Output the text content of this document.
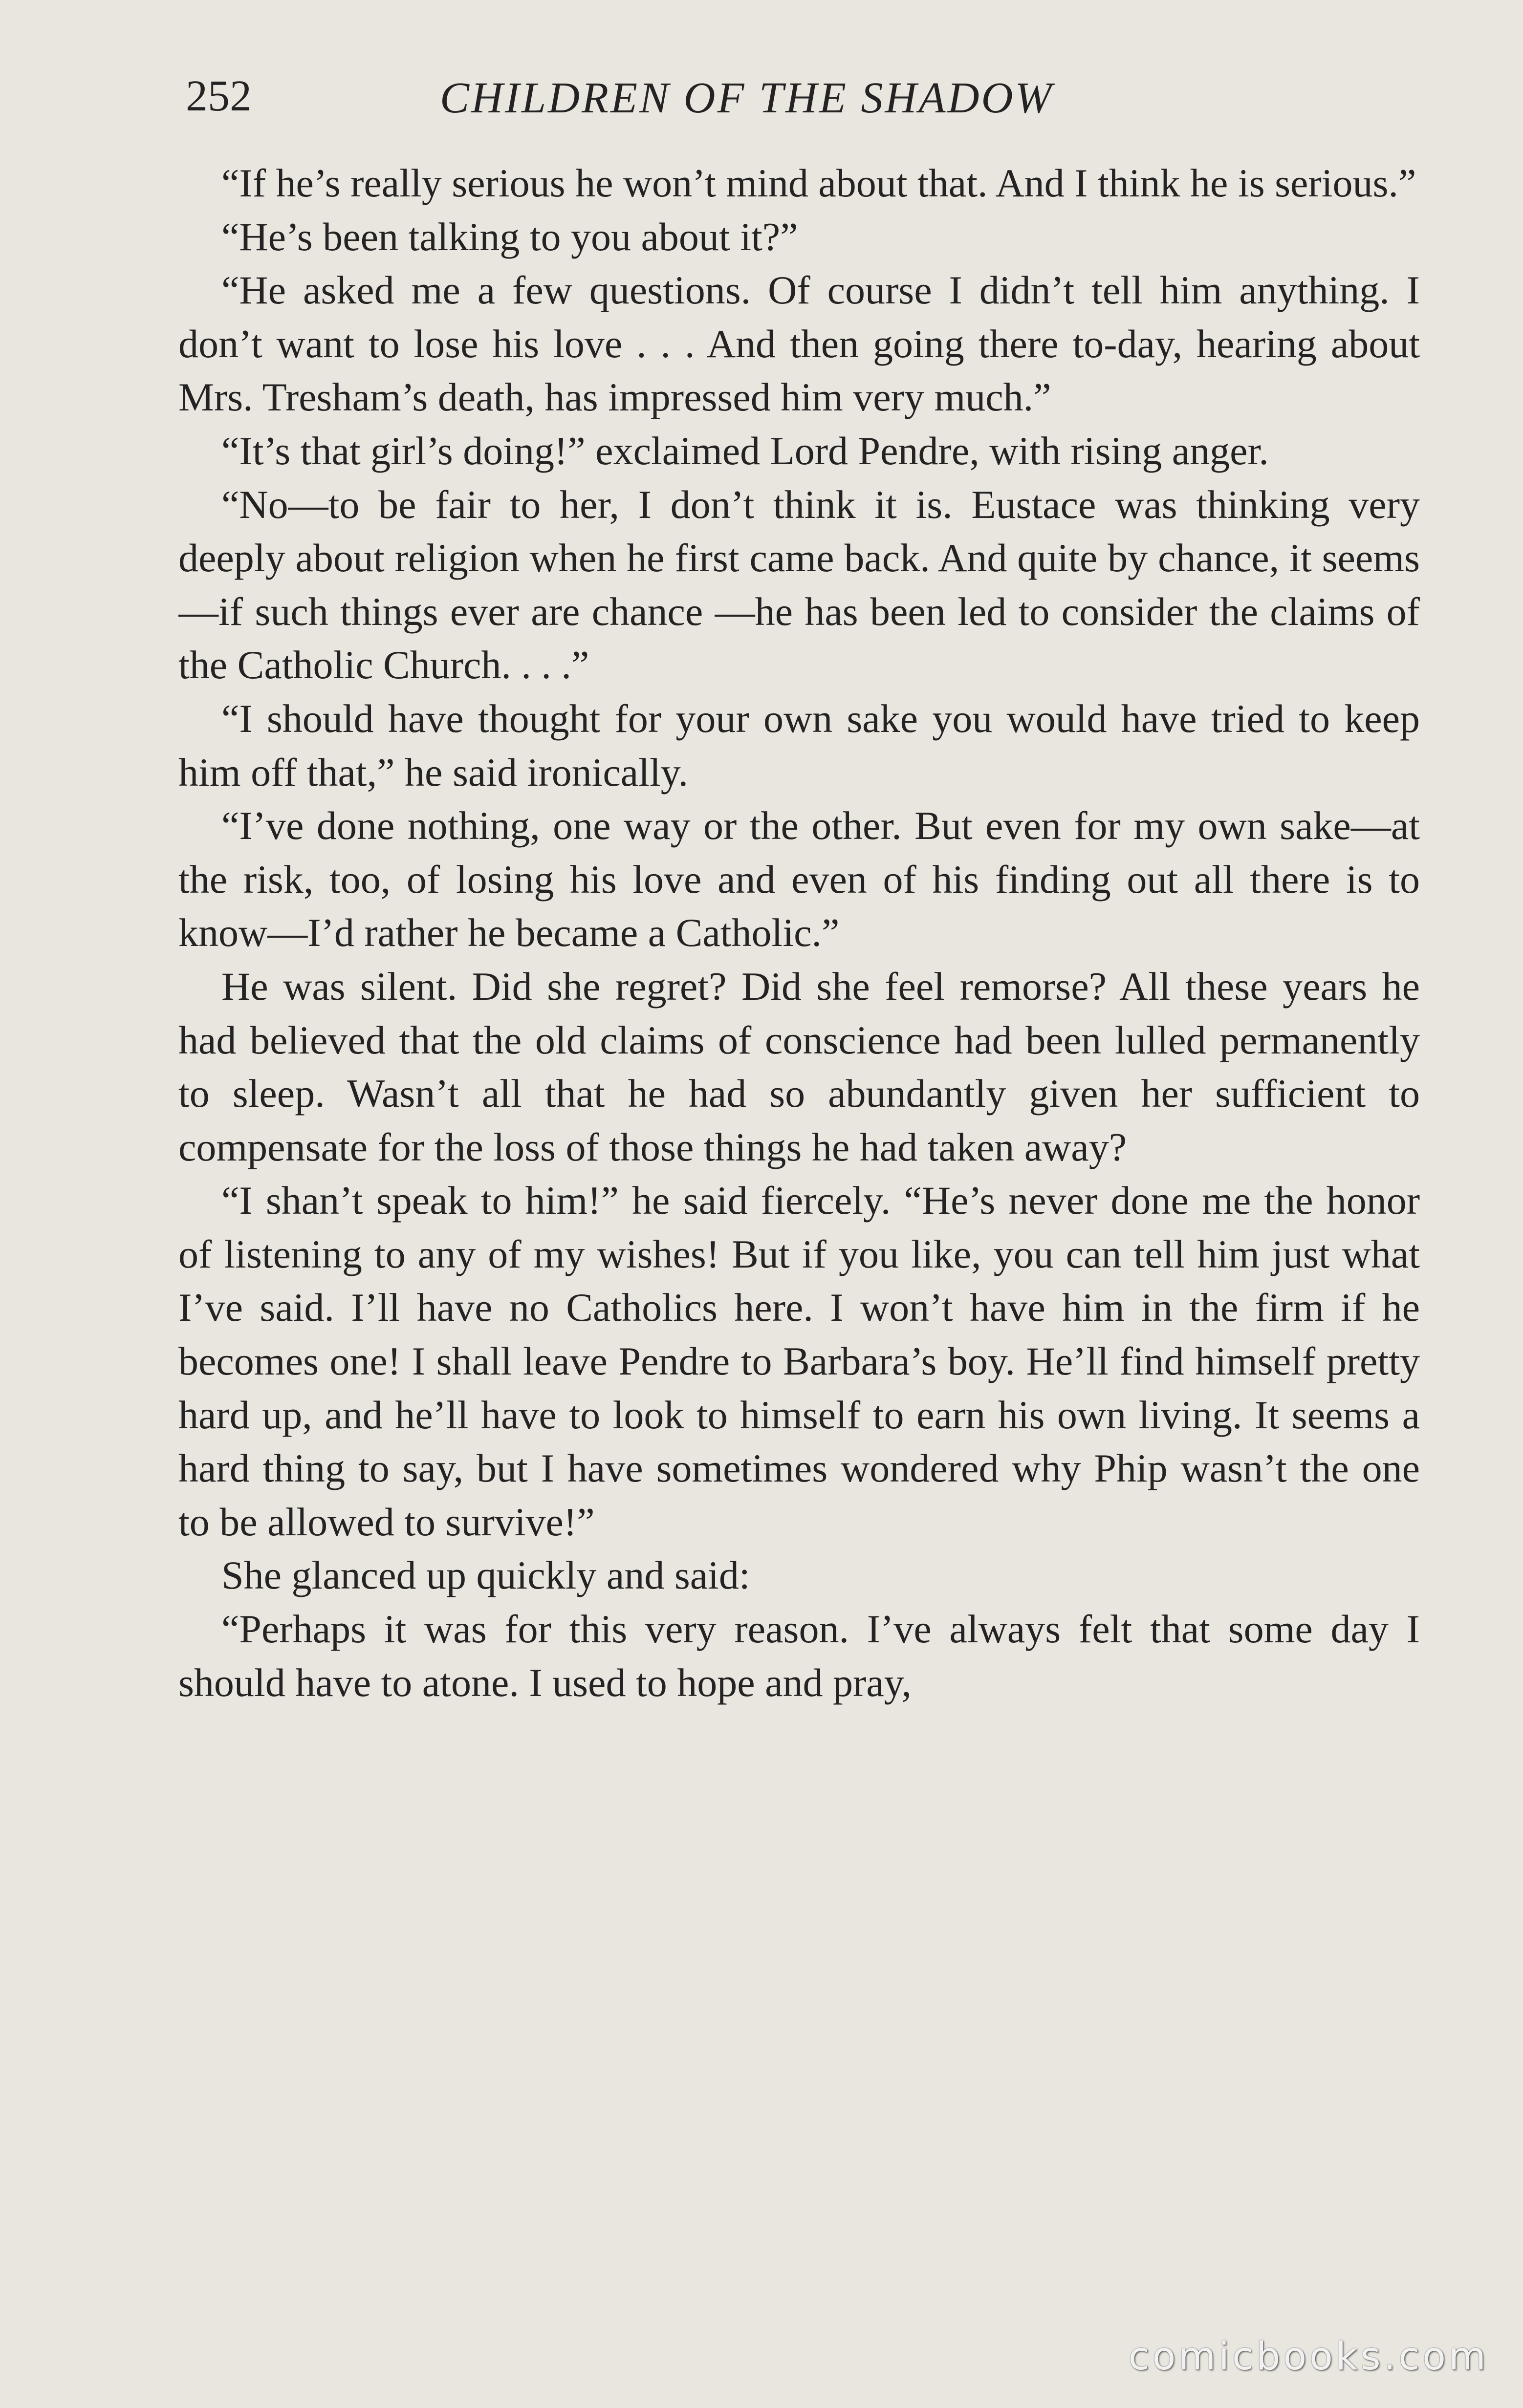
252	CHILDREN OF THE SHADOW

“If he’s really serious he won’t mind about that. And I think he is serious.”

“He’s been talking to you about it?”

“He asked me a few questions. Of course I didn’t tell him anything. I don’t want to lose his love . . . And then going there to-day, hearing about Mrs. Tresham’s death, has impressed him very much.”

“It’s that girl’s doing!” exclaimed Lord Pendre, with rising anger.

“No—to be fair to her, I don’t think it is. Eustace was thinking very deeply about religion when he first came back. And quite by chance, it seems—if such things ever are chance —he has been led to consider the claims of the Catholic Church. . . .”

“I should have thought for your own sake you would have tried to keep him off that,” he said ironically.

“I’ve done nothing, one way or the other. But even for my own sake—at the risk, too, of losing his love and even of his finding out all there is to know—I’d rather he became a Catholic.”

He was silent. Did she regret? Did she feel remorse? All these years he had believed that the old claims of conscience had been lulled permanently to sleep. Wasn’t all that he had so abundantly given her sufficient to compensate for the loss of those things he had taken away?

“I shan’t speak to him!” he said fiercely. “He’s never done me the honor of listening to any of my wishes! But if you like, you can tell him just what I’ve said. I’ll have no Catholics here. I won’t have him in the firm if he becomes one! I shall leave Pendre to Barbara’s boy. He’ll find himself pretty hard up, and he’ll have to look to himself to earn his own living. It seems a hard thing to say, but I have sometimes wondered why Phip wasn’t the one to be allowed to survive!”

She glanced up quickly and said:

“Perhaps it was for this very reason. I’ve always felt that some day I should have to atone. I used to hope and pray,

comicbooks.com
